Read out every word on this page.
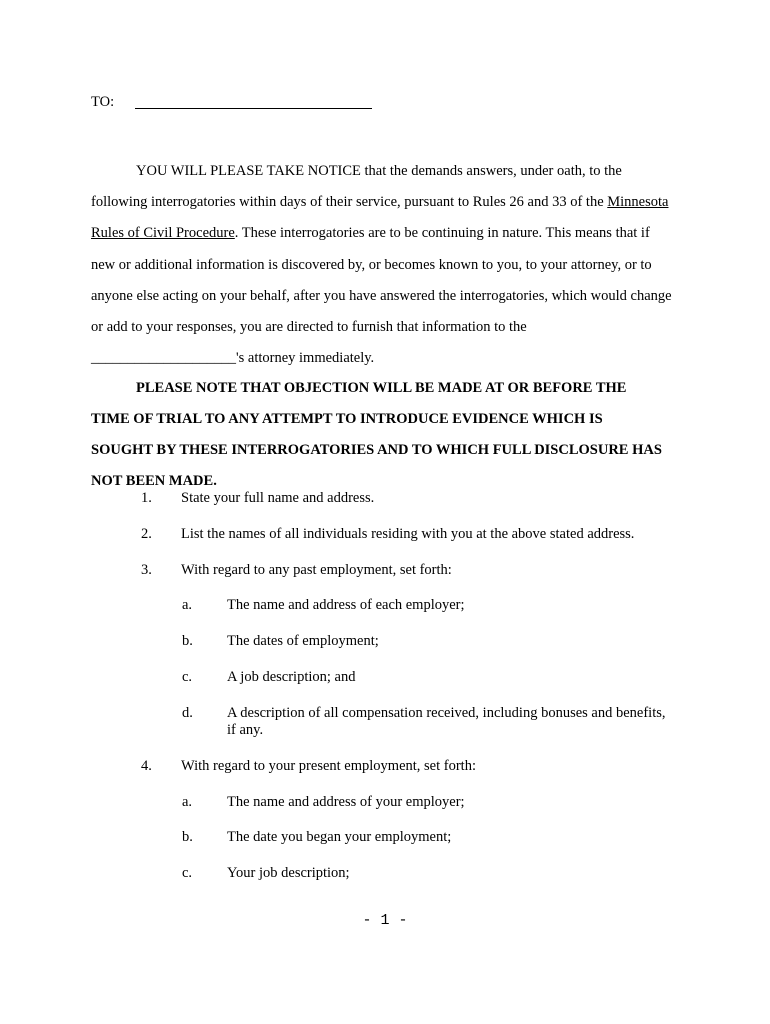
TO:
YOU WILL PLEASE TAKE NOTICE that the demands answers, under oath, to the
following interrogatories within days of their service, pursuant to Rules 26 and 33 of the Minnesota
Rules of Civil Procedure. These interrogatories are to be continuing in nature. This means that if
new or additional information is discovered by, or becomes known to you, to your attorney, or to
anyone else acting on your behalf, after you have answered the interrogatories, which would change
or add to your responses, you are directed to furnish that information to the
____________________'s attorney immediately.
PLEASE NOTE THAT OBJECTION WILL BE MADE AT OR BEFORE THE
TIME OF TRIAL TO ANY ATTEMPT TO INTRODUCE EVIDENCE WHICH IS
SOUGHT BY THESE INTERROGATORIES AND TO WHICH FULL DISCLOSURE HAS
NOT BEEN MADE.
1. State your full name and address.
2. List the names of all individuals residing with you at the above stated address.
3. With regard to any past employment, set forth:
a. The name and address of each employer;
b. The dates of employment;
c. A job description; and
d. A description of all compensation received, including bonuses and benefits,
if any.
4. With regard to your present employment, set forth:
a. The name and address of your employer;
b. The date you began your employment;
c. Your job description;
- 1 -
